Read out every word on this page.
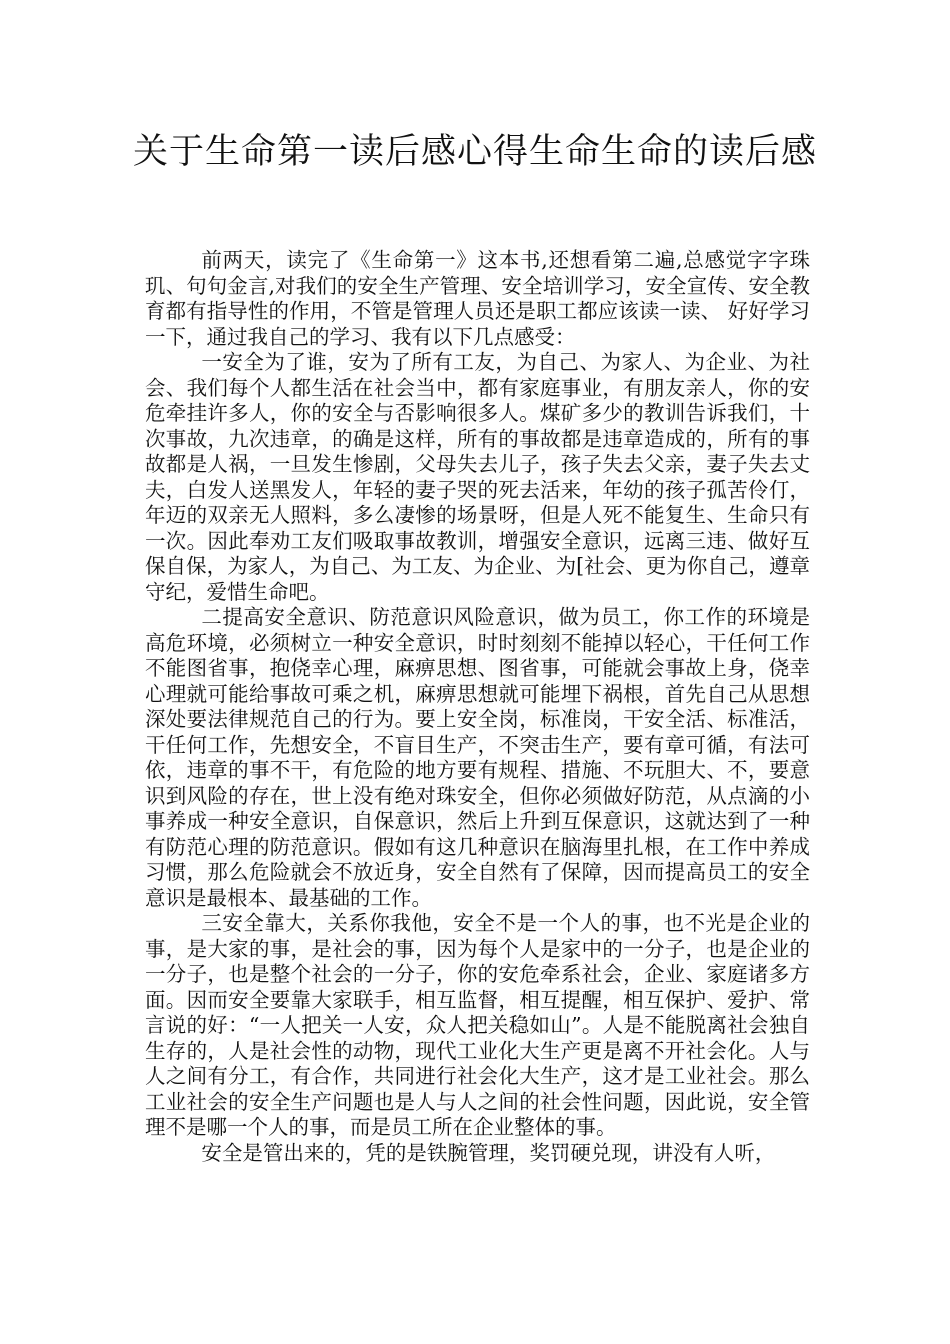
关于生命第一读后感心得生命生命的读后感

前两天，读完了《生命第一》这本书,还想看第二遍,总感觉字字珠玑、句句金言,对我们的安全生产管理、安全培训学习，安全宣传、安全教育都有指导性的作用，不管是管理人员还是职工都应该读一读、 好好学习一下，通过我自己的学习、我有以下几点感受：

一安全为了谁，安为了所有工友，为自己、为家人、为企业、为社会、我们每个人都生活在社会当中，都有家庭事业，有朋友亲人，你的安危牵挂许多人，你的安全与否影响很多人。煤矿多少的教训告诉我们，十次事故，九次违章，的确是这样，所有的事故都是违章造成的，所有的事故都是人祸，一旦发生惨剧，父母失去儿子，孩子失去父亲，妻子失去丈夫，白发人送黑发人，年轻的妻子哭的死去活来，年幼的孩子孤苦伶仃，年迈的双亲无人照料，多么凄惨的场景呀，但是人死不能复生、生命只有一次。因此奉劝工友们吸取事故教训，增强安全意识，远离三违、做好互保自保，为家人，为自己、为工友、为企业、为[社会、更为你自己，遵章守纪，爱惜生命吧。

二提高安全意识、防范意识风险意识，做为员工，你工作的环境是高危环境，必须树立一种安全意识，时时刻刻不能掉以轻心，干任何工作不能图省事，抱侥幸心理，麻痹思想、图省事，可能就会事故上身，侥幸心理就可能给事故可乘之机，麻痹思想就可能埋下祸根，首先自己从思想深处要法律规范自己的行为。要上安全岗，标准岗，干安全活、标准活，干任何工作，先想安全，不盲目生产，不突击生产，要有章可循，有法可依，违章的事不干，有危险的地方要有规程、措施、不玩胆大、不，要意识到风险的存在，世上没有绝对珠安全，但你必须做好防范，从点滴的小事养成一种安全意识，自保意识，然后上升到互保意识，这就达到了一种有防范心理的防范意识。假如有这几种意识在脑海里扎根，在工作中养成习惯，那么危险就会不放近身，安全自然有了保障，因而提高员工的安全意识是最根本、最基础的工作。

三安全靠大，关系你我他，安全不是一个人的事，也不光是企业的事，是大家的事，是社会的事，因为每个人是家中的一分子，也是企业的一分子，也是整个社会的一分子，你的安危牵系社会，企业、家庭诸多方面。因而安全要靠大家联手，相互监督，相互提醒，相互保护、爱护、常言说的好：“一人把关一人安，众人把关稳如山”。人是不能脱离社会独自生存的，人是社会性的动物，现代工业化大生产更是离不开社会化。人与人之间有分工，有合作，共同进行社会化大生产，这才是工业社会。那么工业社会的安全生产问题也是人与人之间的社会性问题，因此说，安全管理不是哪一个人的事，而是员工所在企业整体的事。

安全是管出来的，凭的是铁腕管理，奖罚硬兑现，讲没有人听，
